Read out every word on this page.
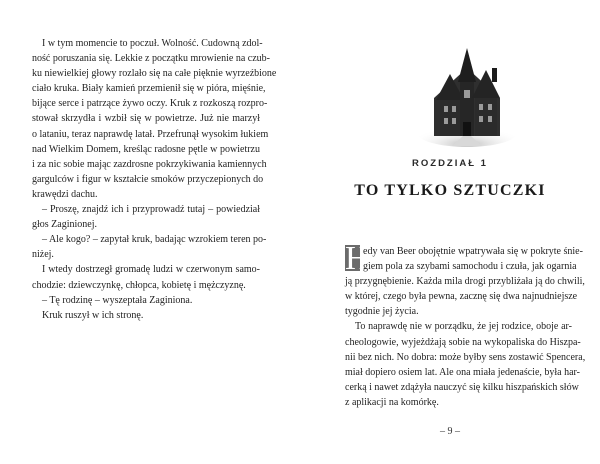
I w tym momencie to poczuł. Wolność. Cudowną zdol-
ność poruszania się. Lekkie z początku mrowienie na czub-
ku niewielkiej głowy rozlało się na całe pięknie wyrzeźbione
ciało kruka. Biały kamień przemienił się w pióra, mięśnie,
bijące serce i patrzące żywo oczy. Kruk z rozkoszą rozpro-
stował skrzydła i wzbił się w powietrze. Już nie marzył
o lataniu, teraz naprawdę latał. Przefrunął wysokim łukiem
nad Wielkim Domem, kreśląc radosne pętle w powietrzu
i za nic sobie mając zazdrosne pokrzykiwania kamiennych
gargulców i figur w kształcie smoków przyczepionych do
krawędzi dachu.
– Proszę, znajdź ich i przyprowadź tutaj – powiedział
głos Zaginionej.
– Ale kogo? – zapytał kruk, badając wzrokiem teren po-
niżej.
I wtedy dostrzegł gromadę ludzi w czerwonym samo-
chodzie: dziewczynkę, chłopca, kobietę i mężczyznę.
– Tę rodzinę – wyszeptała Zaginiona.
Kruk ruszył w ich stronę.

ROZDZIAŁ 1
TO TYLKO SZTUCZKI
H

edy van Beer obojętnie wpatrywała się w pokryte śnie-
giem pola za szybami samochodu i czuła, jak ogarnia
ją przygnębienie. Każda mila drogi przybliżała ją do chwili,
w której, czego była pewna, zacznę się dwa najnudniejsze
tygodnie jej życia.
To naprawdę nie w porządku, że jej rodzice, oboje ar-
cheologowie, wyjeżdżają sobie na wykopaliska do Hiszpa-
nii bez nich. No dobra: może byłby sens zostawić Spencera,
miał dopiero osiem lat. Ale ona miała jedenaście, była har-
cerką i nawet zdążyła nauczyć się kilku hiszpańskich słów
z aplikacji na komórkę.

– 9 –
